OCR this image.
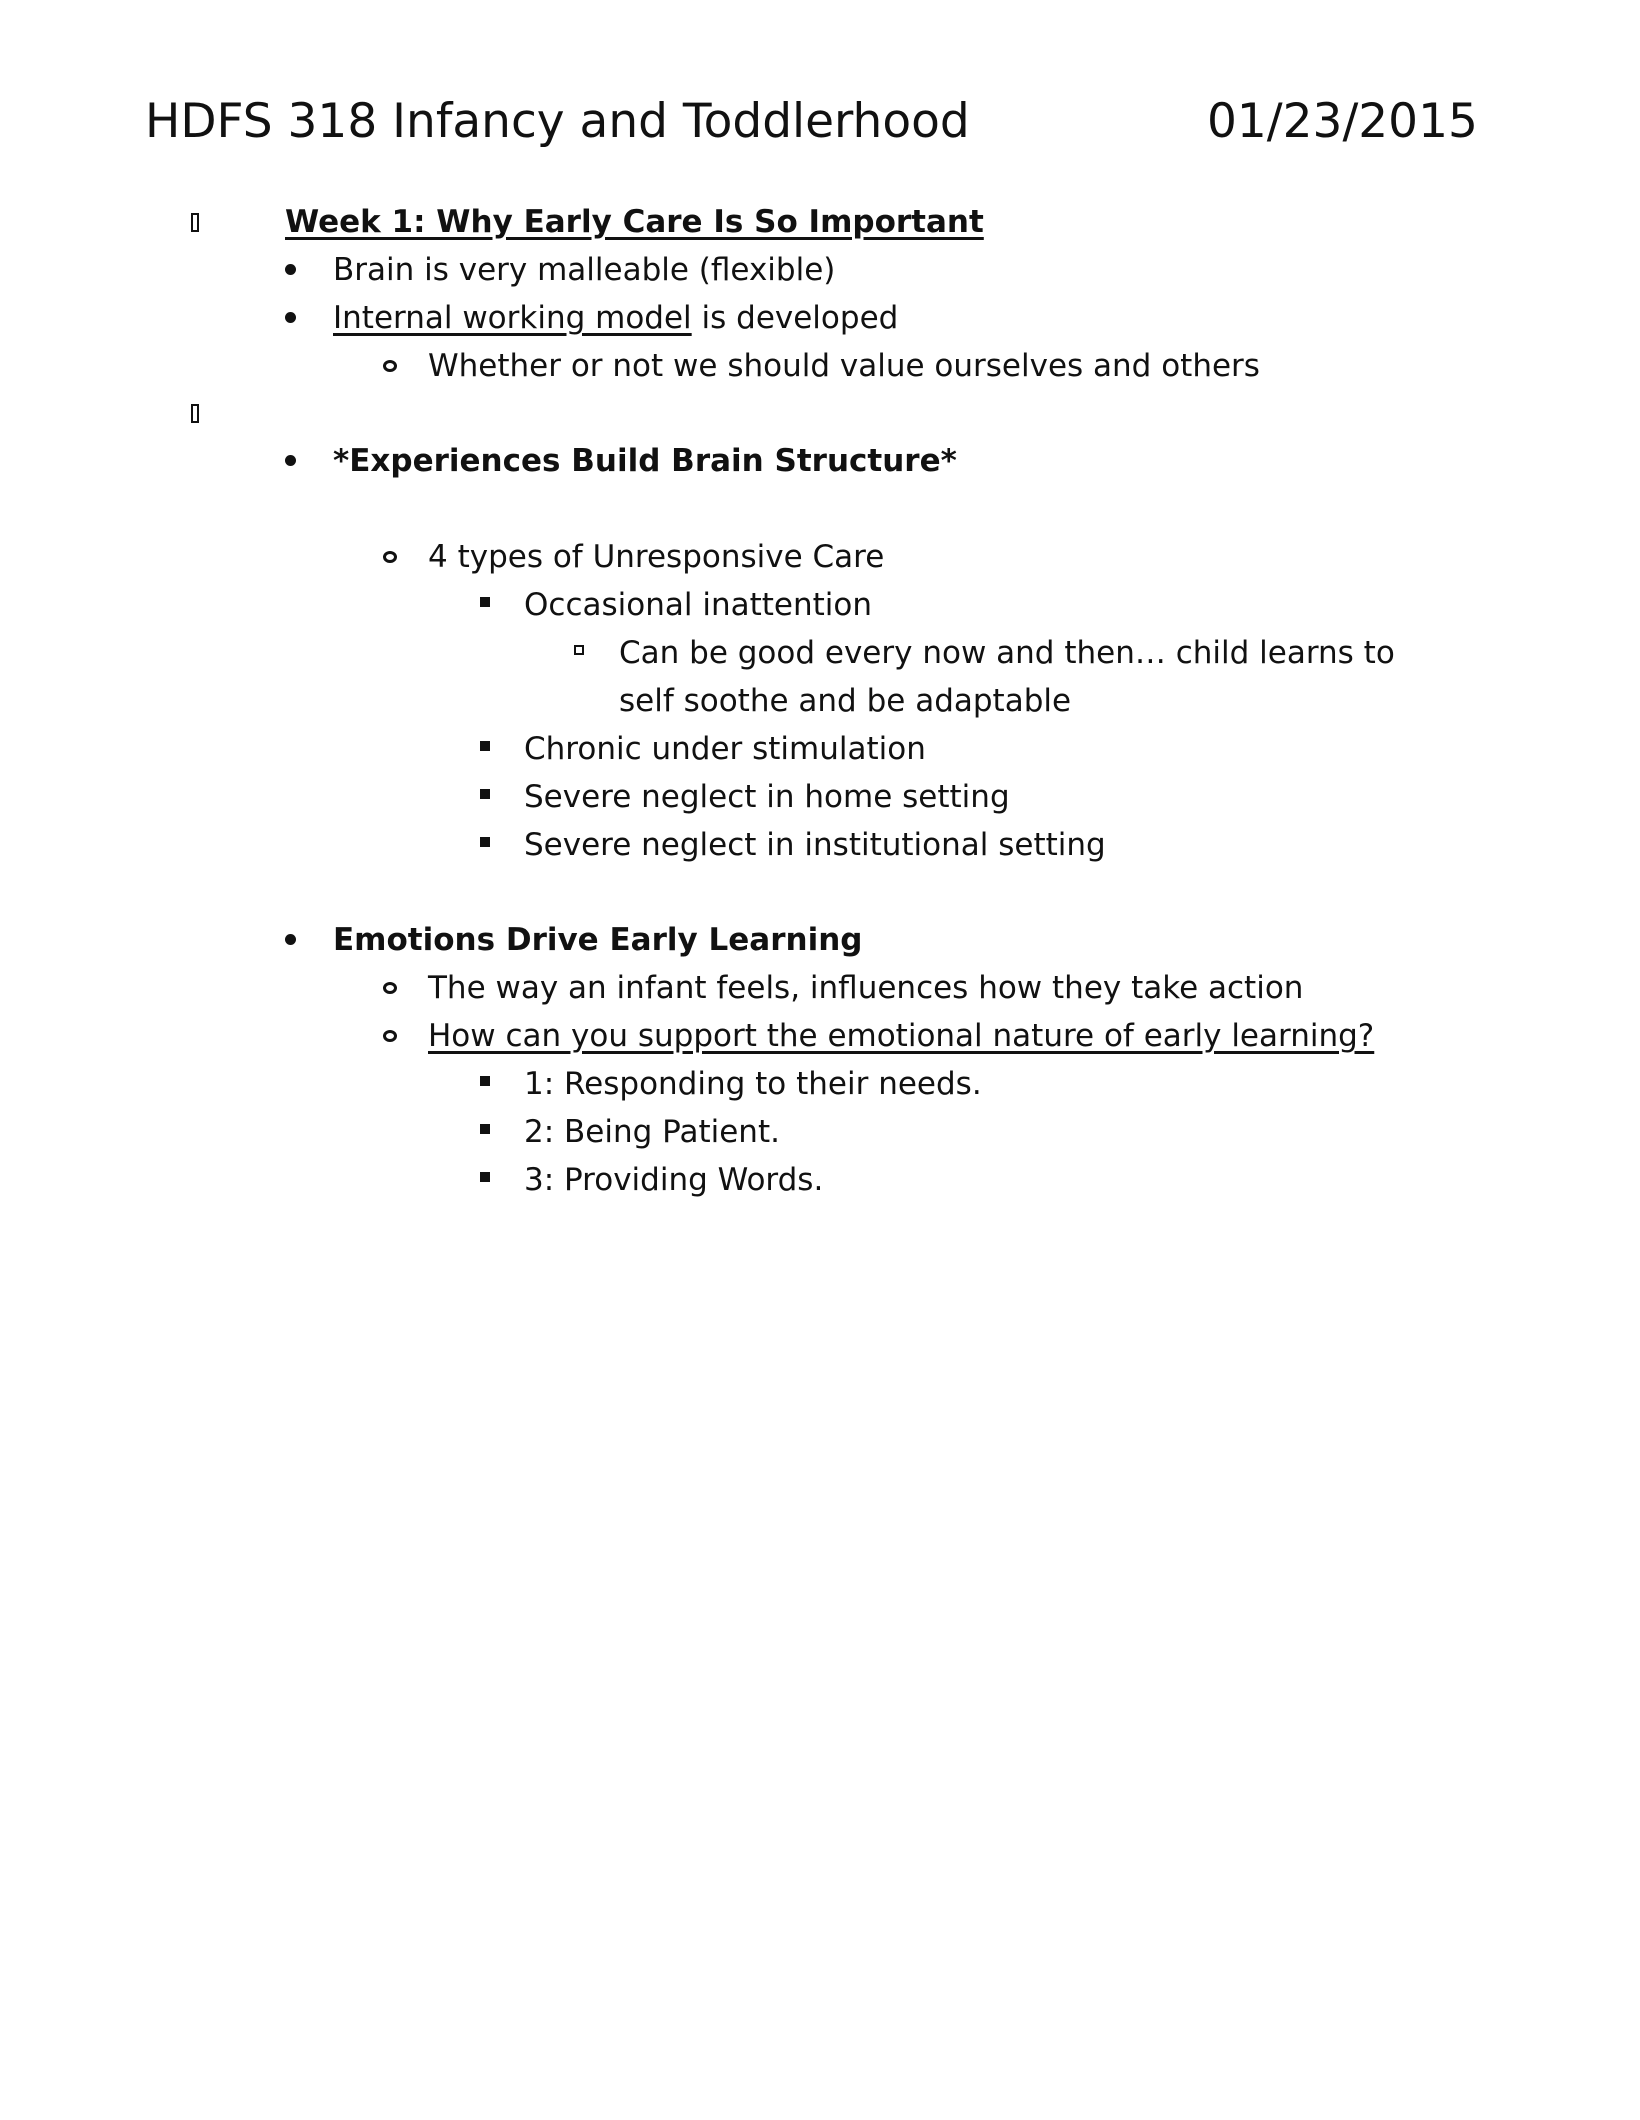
HDFS 318 Infancy and Toddlerhood	01/23/2015
Week 1: Why Early Care Is So Important
Brain is very malleable (flexible)
Internal working model is developed
Whether or not we should value ourselves and others
*Experiences Build Brain Structure*
4 types of Unresponsive Care
Occasional inattention
Can be good every now and then… child learns to
self soothe and be adaptable
Chronic under stimulation
Severe neglect in home setting
Severe neglect in institutional setting
Emotions Drive Early Learning
The way an infant feels, influences how they take action
How can you support the emotional nature of early learning?
1: Responding to their needs.
2: Being Patient.
3: Providing Words.
